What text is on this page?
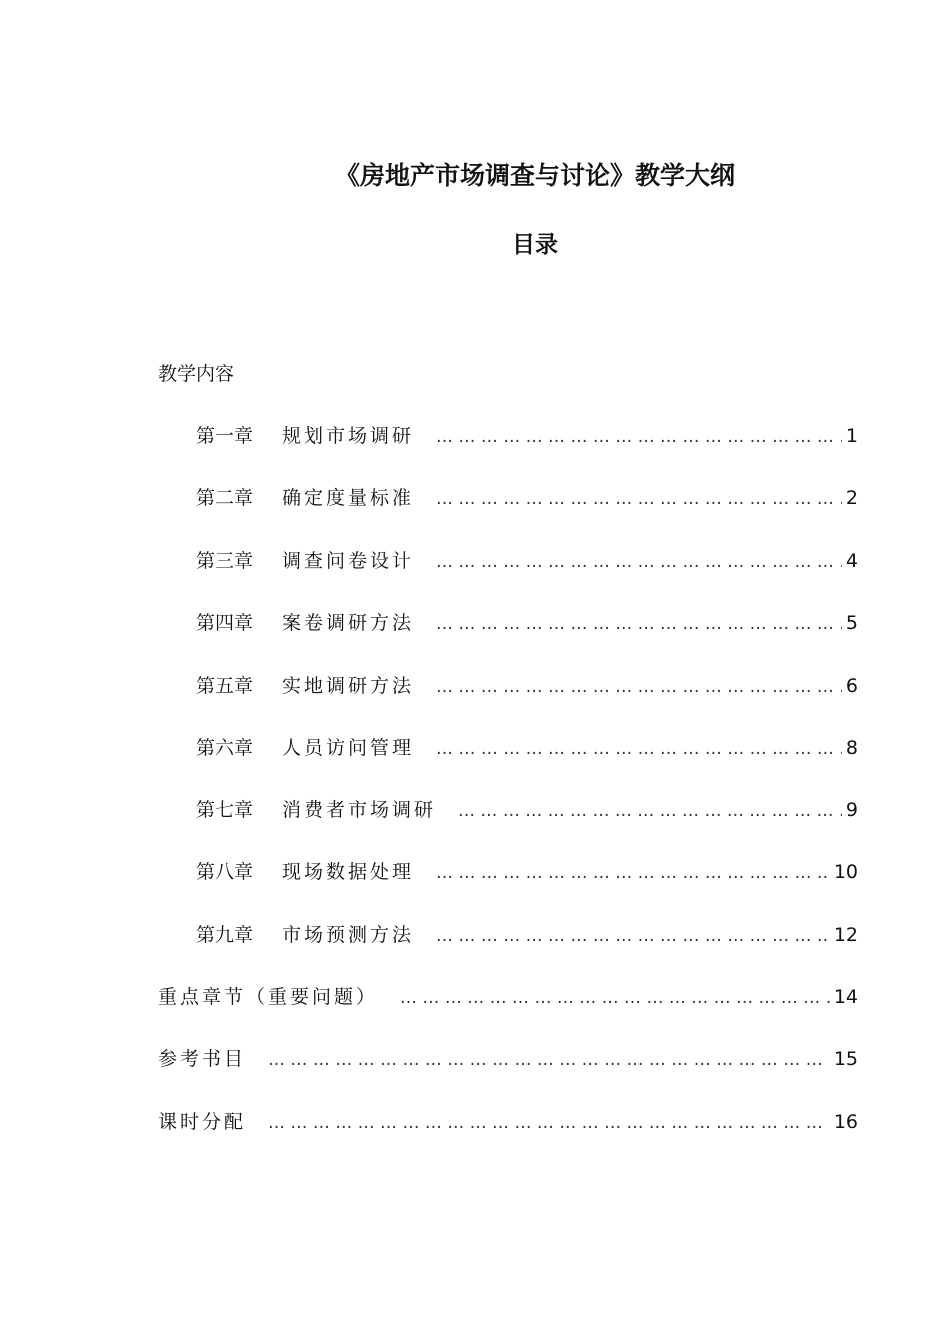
《房地产市场调查与讨论》教学大纲
目录
教学内容
第一章	规划市场调研 … … … … … … … … … … … … … … … … … … … … … … … … … … … … … … … … … … … … … … … … … … … … … … … …	1
第二章	确定度量标准 … … … … … … … … … … … … … … … … … … … … … … … … … … … … … … … … … … … … … … … … … … … … … … … …	2
第三章	调查问卷设计 … … … … … … … … … … … … … … … … … … … … … … … … … … … … … … … … … … … … … … … … … … … … … … … …	4
第四章	案卷调研方法 … … … … … … … … … … … … … … … … … … … … … … … … … … … … … … … … … … … … … … … … … … … … … … … …	5
第五章	实地调研方法 … … … … … … … … … … … … … … … … … … … … … … … … … … … … … … … … … … … … … … … … … … … … … … … …	6
第六章	人员访问管理 … … … … … … … … … … … … … … … … … … … … … … … … … … … … … … … … … … … … … … … … … … … … … … … …	8
第七章	消费者市场调研 … … … … … … … … … … … … … … … … … … … … … … … … … … … … … … … … … … … … … … … … … … … … … … … …	9
第八章	现场数据处理 … … … … … … … … … … … … … … … … … … … … … … … … … … … … … … … … … … … … … … … … … … … … … … … …	10
第九章	市场预测方法 … … … … … … … … … … … … … … … … … … … … … … … … … … … … … … … … … … … … … … … … … … … … … … … …	12
重点章节（重要问题） … … … … … … … … … … … … … … … … … … … … … … … … … … … … … … … … … … … … … … … … … … … … … … … …	14
参考书目 … … … … … … … … … … … … … … … … … … … … … … … … … … … … … … … … … … … … … … … … … … … … … … … …	15
课时分配 … … … … … … … … … … … … … … … … … … … … … … … … … … … … … … … … … … … … … … … … … … … … … … … …	16
